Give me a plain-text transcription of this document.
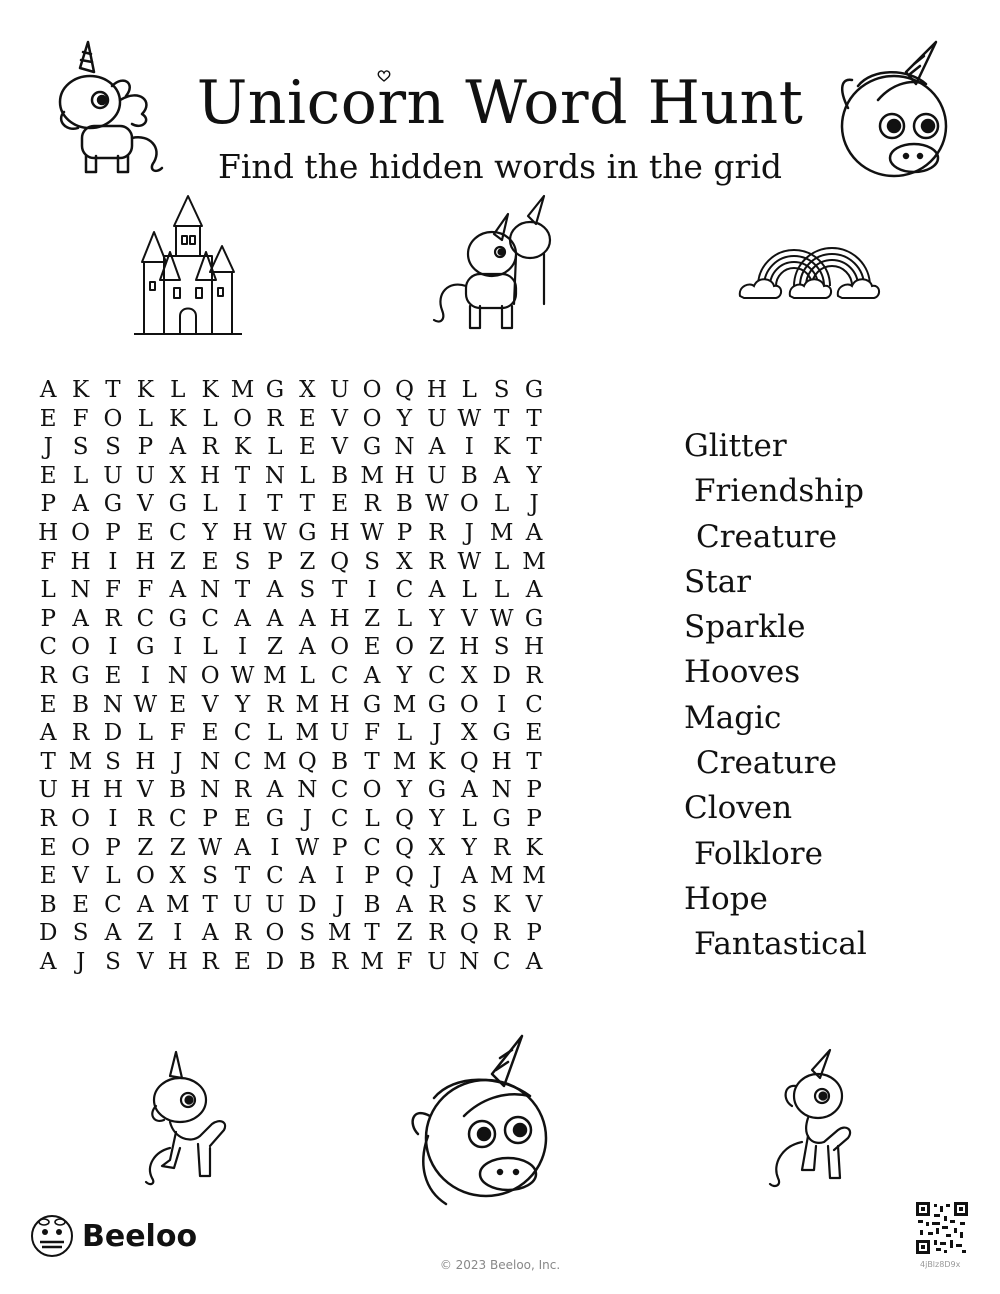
Unicorn Word Hunt
Find the hidden words in the grid
A K T K L K M G X U O Q H L S G
E F O L K L O R E V O Y U W T T
J S S P A R K L E V G N A I K T
E L U U X H T N L B M H U B A Y
P A G V G L I T T E R B W O L J
H O P E C Y H W G H W P R J M A
F H I H Z E S P Z Q S X R W L M
L N F F A N T A S T I C A L L A
P A R C G C A A A H Z L Y V W G
C O I G I L I Z A O E O Z H S H
R G E I N O W M L C A Y C X D R
E B N W E V Y R M H G M G O I C
A R D L F E C L M U F L J X G E
T M S H J N C M Q B T M K Q H T
U H H V B N R A N C O Y G A N P
R O I R C P E G J C L Q Y L G P
E O P Z Z W A I W P C Q X Y R K
E V L O X S T C A I P Q J A M M
B E C A M T U U D J B A R S K V
D S A Z I A R O S M T Z R Q R P
A J S V H R E D B R M F U N C A
Glitter
Friendship
Creature
Star
Sparkle
Hooves
Magic
Creature
Cloven
Folklore
Hope
Fantastical
Beeloo
© 2023 Beeloo, Inc.	4jBlz8D9x
